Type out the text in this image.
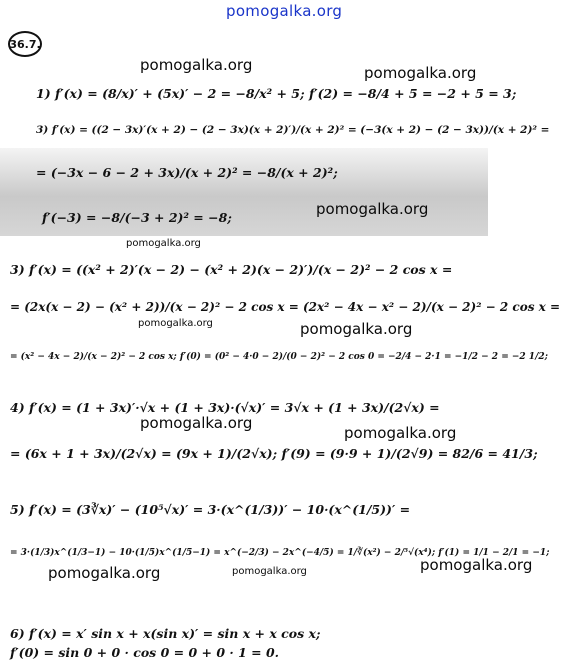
pomogalka.org
36.7.
1) f′(x) = (8/x)′ + (5x)′ − 2 = −8/x² + 5; f′(2) = −8/4 + 5 = −2 + 5 = 3;
3) f′(x) = ((2 − 3x)′(x + 2) − (2 − 3x)(x + 2)′)/(x + 2)² = (−3(x + 2) − (2 − 3x))/(x + 2)² =
= (−3x − 6 − 2 + 3x)/(x + 2)² = −8/(x + 2)²;
f′(−3) = −8/(−3 + 2)² = −8;
3) f′(x) = ((x² + 2)′(x − 2) − (x² + 2)(x − 2)′)/(x − 2)² − 2 cos x =
= (2x(x − 2) − (x² + 2))/(x − 2)² − 2 cos x = (2x² − 4x − x² − 2)/(x − 2)² − 2 cos x =
= (x² − 4x − 2)/(x − 2)² − 2 cos x; f′(0) = (0² − 4·0 − 2)/(0 − 2)² − 2 cos 0 = −2/4 − 2·1 = −1/2 − 2 = −2 1/2;
4) f′(x) = (1 + 3x)′·√x + (1 + 3x)·(√x)′ = 3√x + (1 + 3x)/(2√x) =
= (6x + 1 + 3x)/(2√x) = (9x + 1)/(2√x); f′(9) = (9·9 + 1)/(2√9) = 82/6 = 41/3;
5) f′(x) = (3∛x)′ − (10⁵√x)′ = 3·(x^(1/3))′ − 10·(x^(1/5))′ =
= 3·(1/3)x^(1/3−1) − 10·(1/5)x^(1/5−1) = x^(−2/3) − 2x^(−4/5) = 1/∛(x²) − 2/⁵√(x⁴); f′(1) = 1/1 − 2/1 = −1;
6) f′(x) = x′ sin x + x(sin x)′ = sin x + x cos x;
f′(0) = sin 0 + 0 · cos 0 = 0 + 0 · 1 = 0.
pomogalka.org	pomogalka.org
pomogalka.org
pomogalka.org
pomogalka.org	pomogalka.org
pomogalka.org
pomogalka.org
pomogalka.org	pomogalka.org	pomogalka.org
